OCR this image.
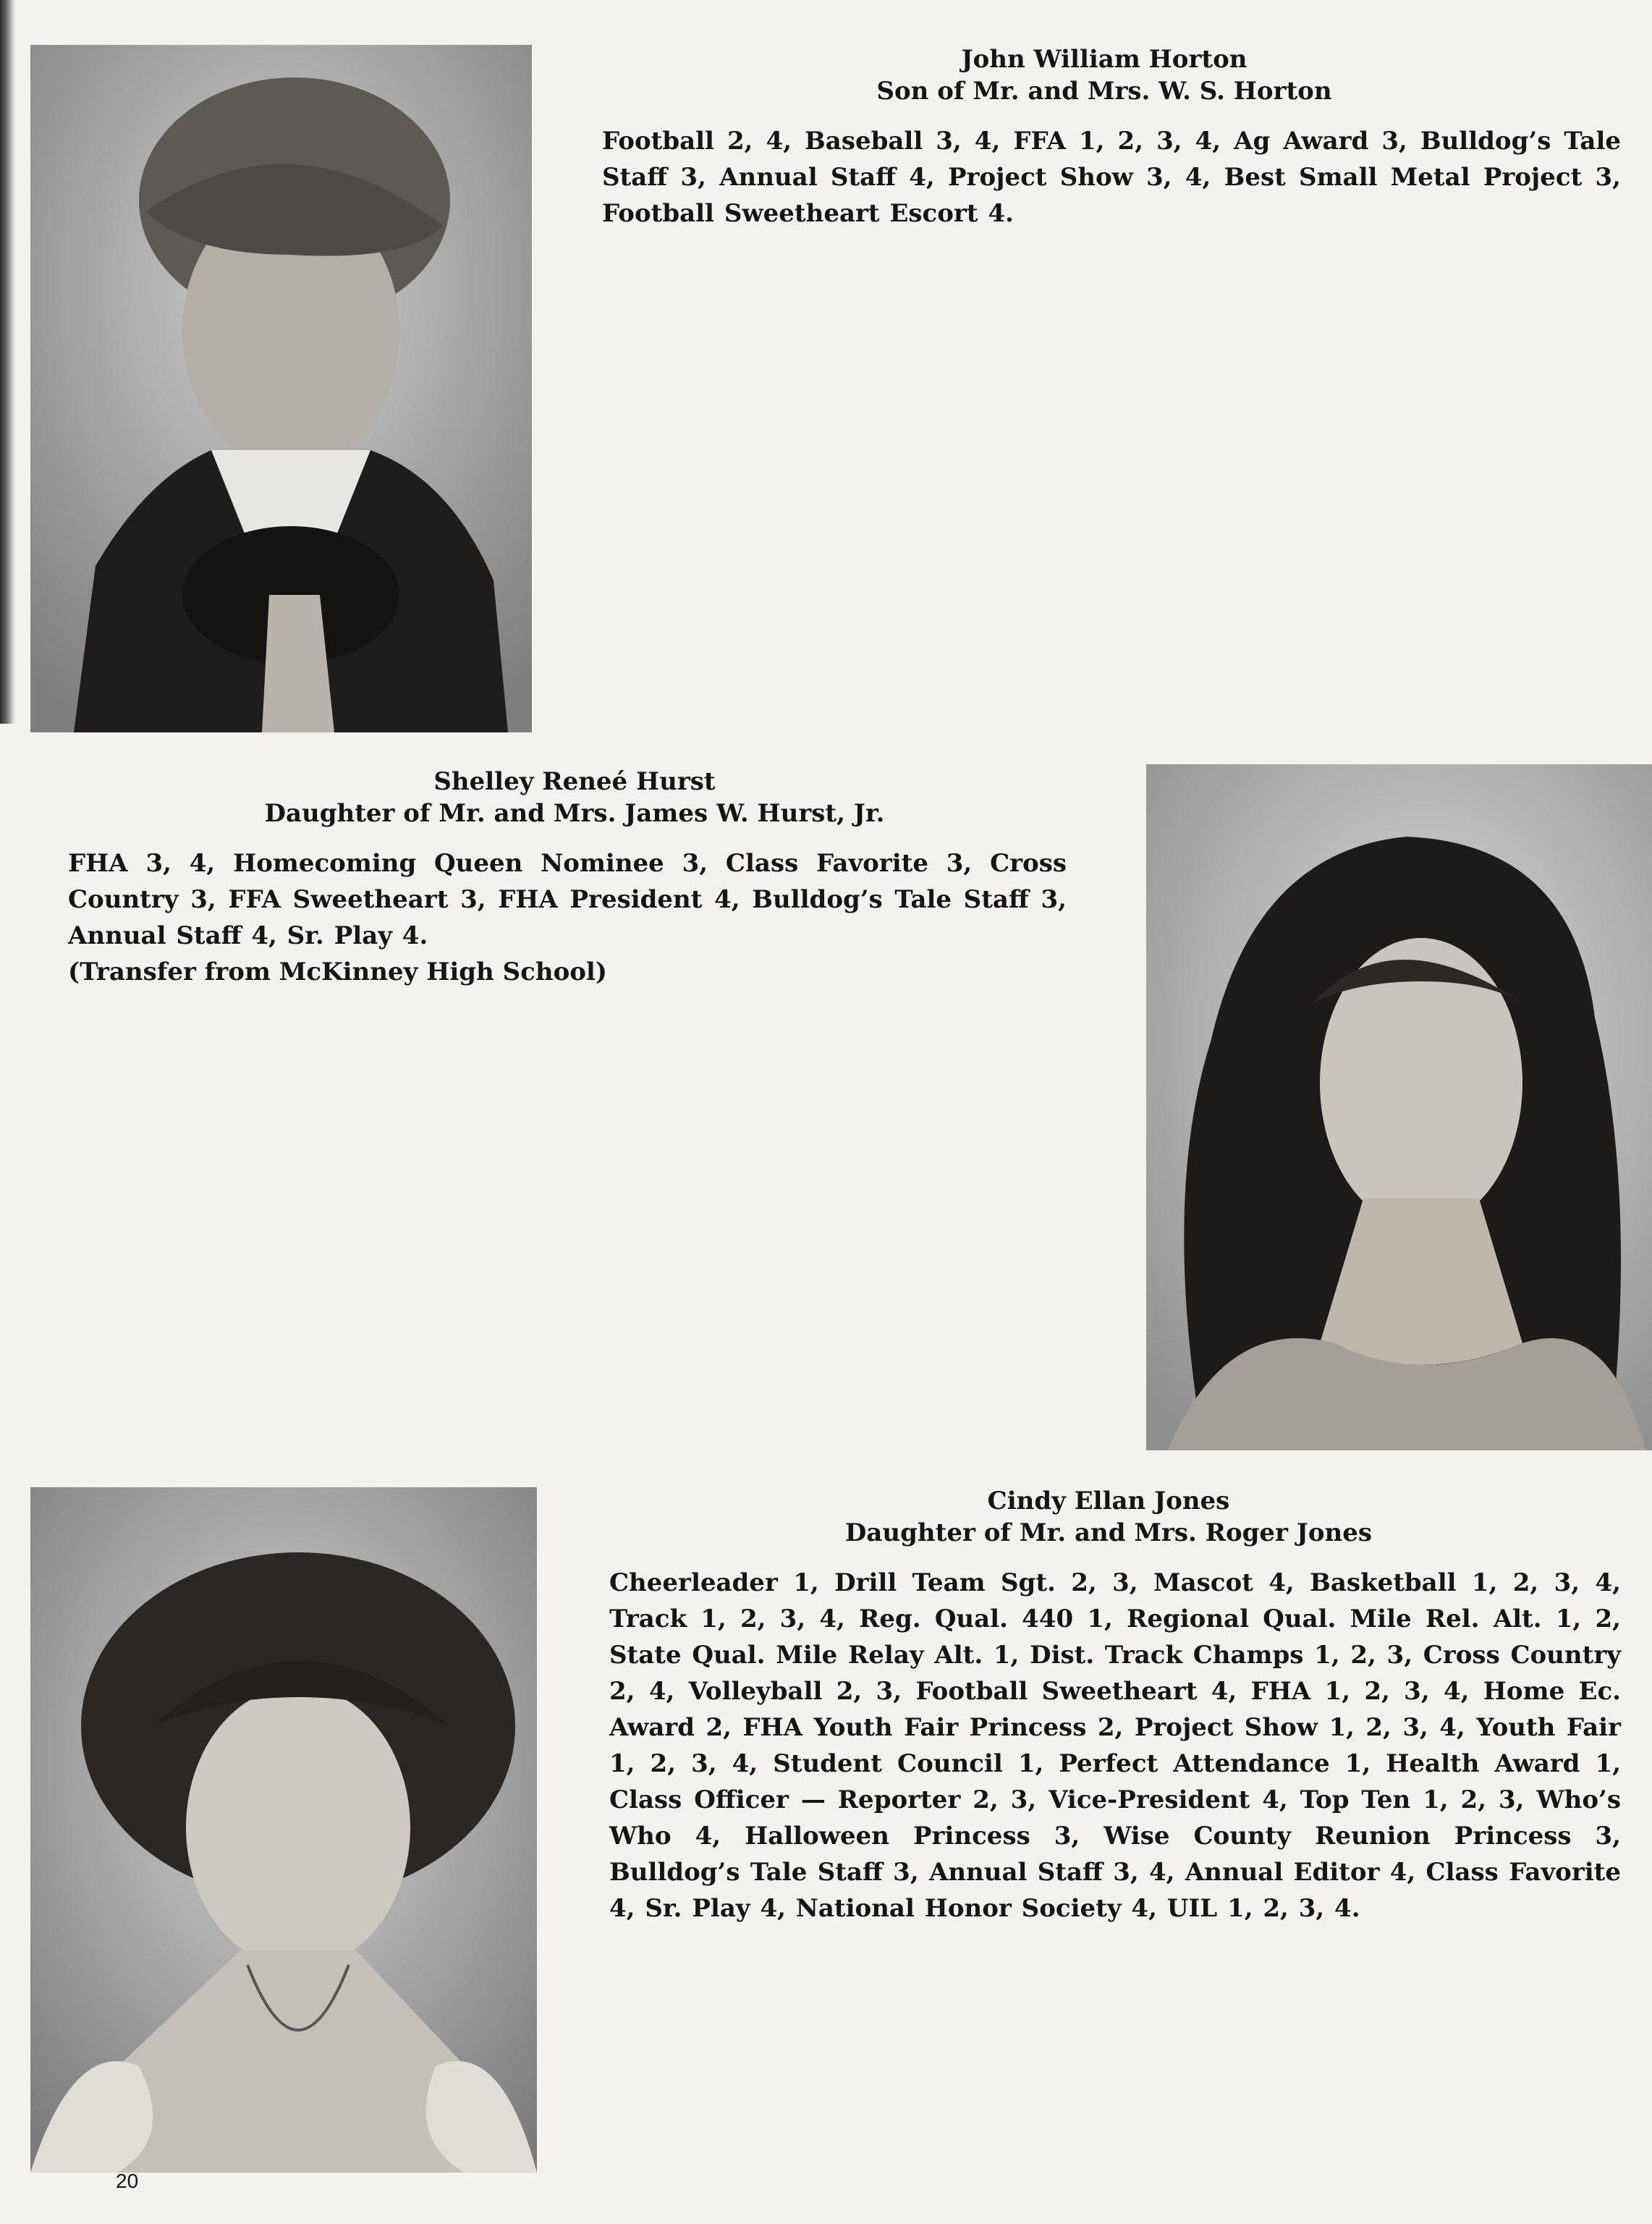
John William Horton

Son of Mr. and Mrs. W. S. Horton

Football 2, 4, Baseball 3, 4, FFA 1, 2, 3, 4, Ag Award 3, Bulldog’s Tale Staff 3, Annual Staff 4, Project Show 3, 4, Best Small Metal Project 3, Football Sweetheart Escort 4.

Shelley Reneé Hurst

Daughter of Mr. and Mrs. James W. Hurst, Jr.

FHA 3, 4, Homecoming Queen Nominee 3, Class Favorite 3, Cross Country 3, FFA Sweetheart 3, FHA President 4, Bulldog’s Tale Staff 3, Annual Staff 4, Sr. Play 4.

(Transfer from McKinney High School)

Cindy Ellan Jones

Daughter of Mr. and Mrs. Roger Jones

Cheerleader 1, Drill Team Sgt. 2, 3, Mascot 4, Basketball 1, 2, 3, 4, Track 1, 2, 3, 4, Reg. Qual. 440 1, Regional Qual. Mile Rel. Alt. 1, 2, State Qual. Mile Relay Alt. 1, Dist. Track Champs 1, 2, 3, Cross Country 2, 4, Volleyball 2, 3, Football Sweetheart 4, FHA 1, 2, 3, 4, Home Ec. Award 2, FHA Youth Fair Princess 2, Project Show 1, 2, 3, 4, Youth Fair 1, 2, 3, 4, Student Council 1, Perfect Attendance 1, Health Award 1, Class Officer — Reporter 2, 3, Vice-President 4, Top Ten 1, 2, 3, Who’s Who 4, Halloween Princess 3, Wise County Reunion Princess 3, Bulldog’s Tale Staff 3, Annual Staff 3, 4, Annual Editor 4, Class Favorite 4, Sr. Play 4, National Honor Society 4, UIL 1, 2, 3, 4.

20
